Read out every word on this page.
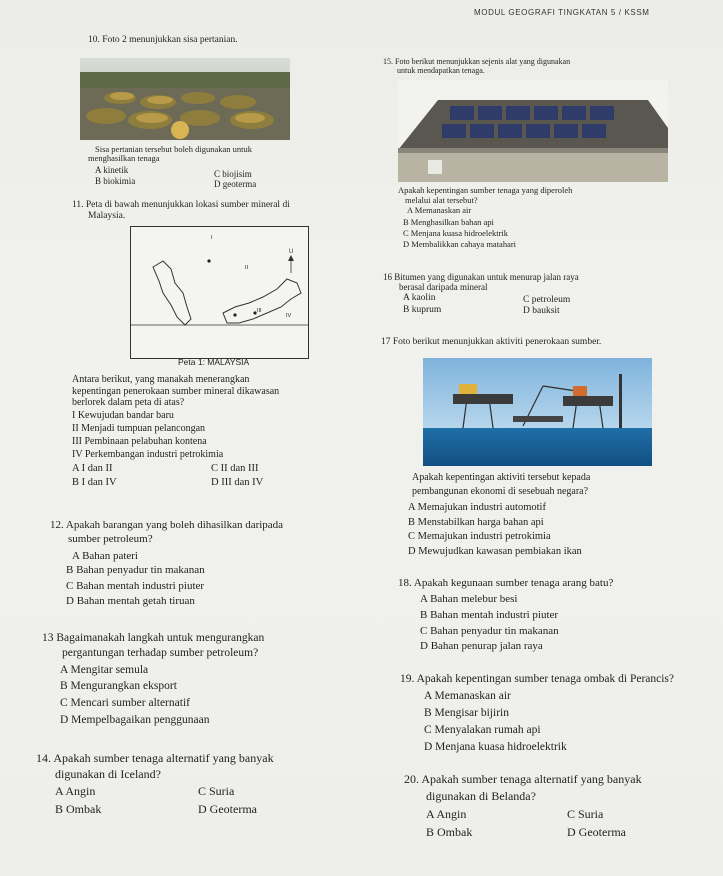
MODUL GEOGRAFI TINGKATAN 5 / KSSM
10. Foto 2 menunjukkan sisa pertanian.
Sisa pertanian tersebut boleh digunakan untuk
menghasilkan tenaga
A kinetik	C biojisim
B biokimia	D geoterma
11. Peta di bawah menunjukkan lokasi sumber mineral di
Malaysia.
U
Peta 1: MALAYSIA
Antara berikut, yang manakah menerangkan
kepentingan penerokaan sumber mineral dikawasan
berlorek dalam peta di atas?
I Kewujudan bandar baru
II Menjadi tumpuan pelancongan
III Pembinaan pelabuhan kontena
IV Perkembangan industri petrokimia
A I dan II	C II dan III
B I dan IV	D III dan IV
12. Apakah barangan yang boleh dihasilkan daripada
sumber petroleum?
A Bahan pateri
B Bahan penyadur tin makanan
C Bahan mentah industri piuter
D Bahan mentah getah tiruan
13 Bagaimanakah langkah untuk mengurangkan
pergantungan terhadap sumber petroleum?
A Mengitar semula
B Mengurangkan eksport
C Mencari sumber alternatif
D Mempelbagaikan penggunaan
14. Apakah sumber tenaga alternatif yang banyak
digunakan di Iceland?
A Angin	C Suria
B Ombak	D Geoterma
15. Foto berikut menunjukkan sejenis alat yang digunakan
untuk mendapatkan tenaga.
Apakah kepentingan sumber tenaga yang diperoleh
melalui alat tersebut?
A Memanaskan air
B Menghasilkan bahan api
C Menjana kuasa hidroelektrik
D Membalikkan cahaya matahari
16 Bitumen yang digunakan untuk menurap jalan raya
berasal daripada mineral
A kaolin	C petroleum
B kuprum	D bauksit
17 Foto berikut menunjukkan aktiviti penerokaan sumber.
Apakah kepentingan aktiviti tersebut kepada
pembangunan ekonomi di sesebuah negara?
A Memajukan industri automotif
B Menstabilkan harga bahan api
C Memajukan industri petrokimia
D Mewujudkan kawasan pembiakan ikan
18. Apakah kegunaan sumber tenaga arang batu?
A Bahan melebur besi
B Bahan mentah industri piuter
C Bahan penyadur tin makanan
D Bahan penurap jalan raya
19. Apakah kepentingan sumber tenaga ombak di Perancis?
A Memanaskan air
B Mengisar bijirin
C Menyalakan rumah api
D Menjana kuasa hidroelektrik
20. Apakah sumber tenaga alternatif yang banyak
digunakan di Belanda?
A Angin	C Suria
B Ombak	D Geoterma
I
II
III
IV
